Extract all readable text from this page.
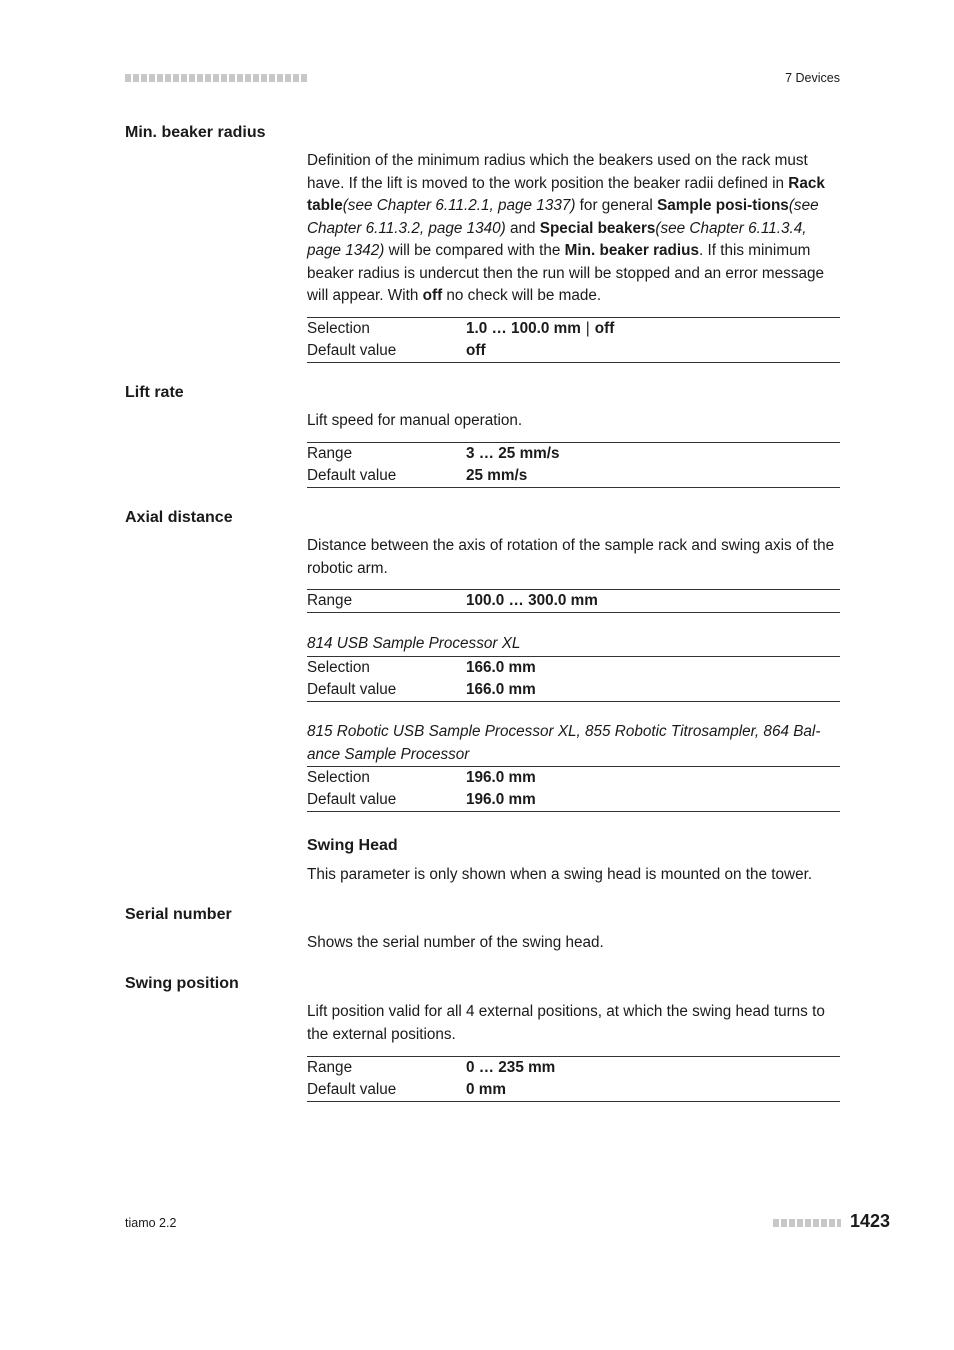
7 Devices
Min. beaker radius
Definition of the minimum radius which the beakers used on the rack must have. If the lift is moved to the work position the beaker radii defined in Rack table(see Chapter 6.11.2.1, page 1337) for general Sample posi-tions(see Chapter 6.11.3.2, page 1340) and Special beakers(see Chapter 6.11.3.4, page 1342) will be compared with the Min. beaker radius. If this minimum beaker radius is undercut then the run will be stopped and an error message will appear. With off no check will be made.
Selection	1.0 … 100.0 mm | off
Default value	off
Lift rate
Lift speed for manual operation.
Range	3 … 25 mm/s
Default value	25 mm/s
Axial distance
Distance between the axis of rotation of the sample rack and swing axis of the robotic arm.
Range	100.0 … 300.0 mm
814 USB Sample Processor XL
Selection	166.0 mm
Default value	166.0 mm
815 Robotic USB Sample Processor XL, 855 Robotic Titrosampler, 864 Bal-ance Sample Processor
Selection	196.0 mm
Default value	196.0 mm
Swing Head
This parameter is only shown when a swing head is mounted on the tower.
Serial number
Shows the serial number of the swing head.
Swing position
Lift position valid for all 4 external positions, at which the swing head turns to the external positions.
Range	0 … 235 mm
Default value	0 mm
tiamo 2.2	1423
